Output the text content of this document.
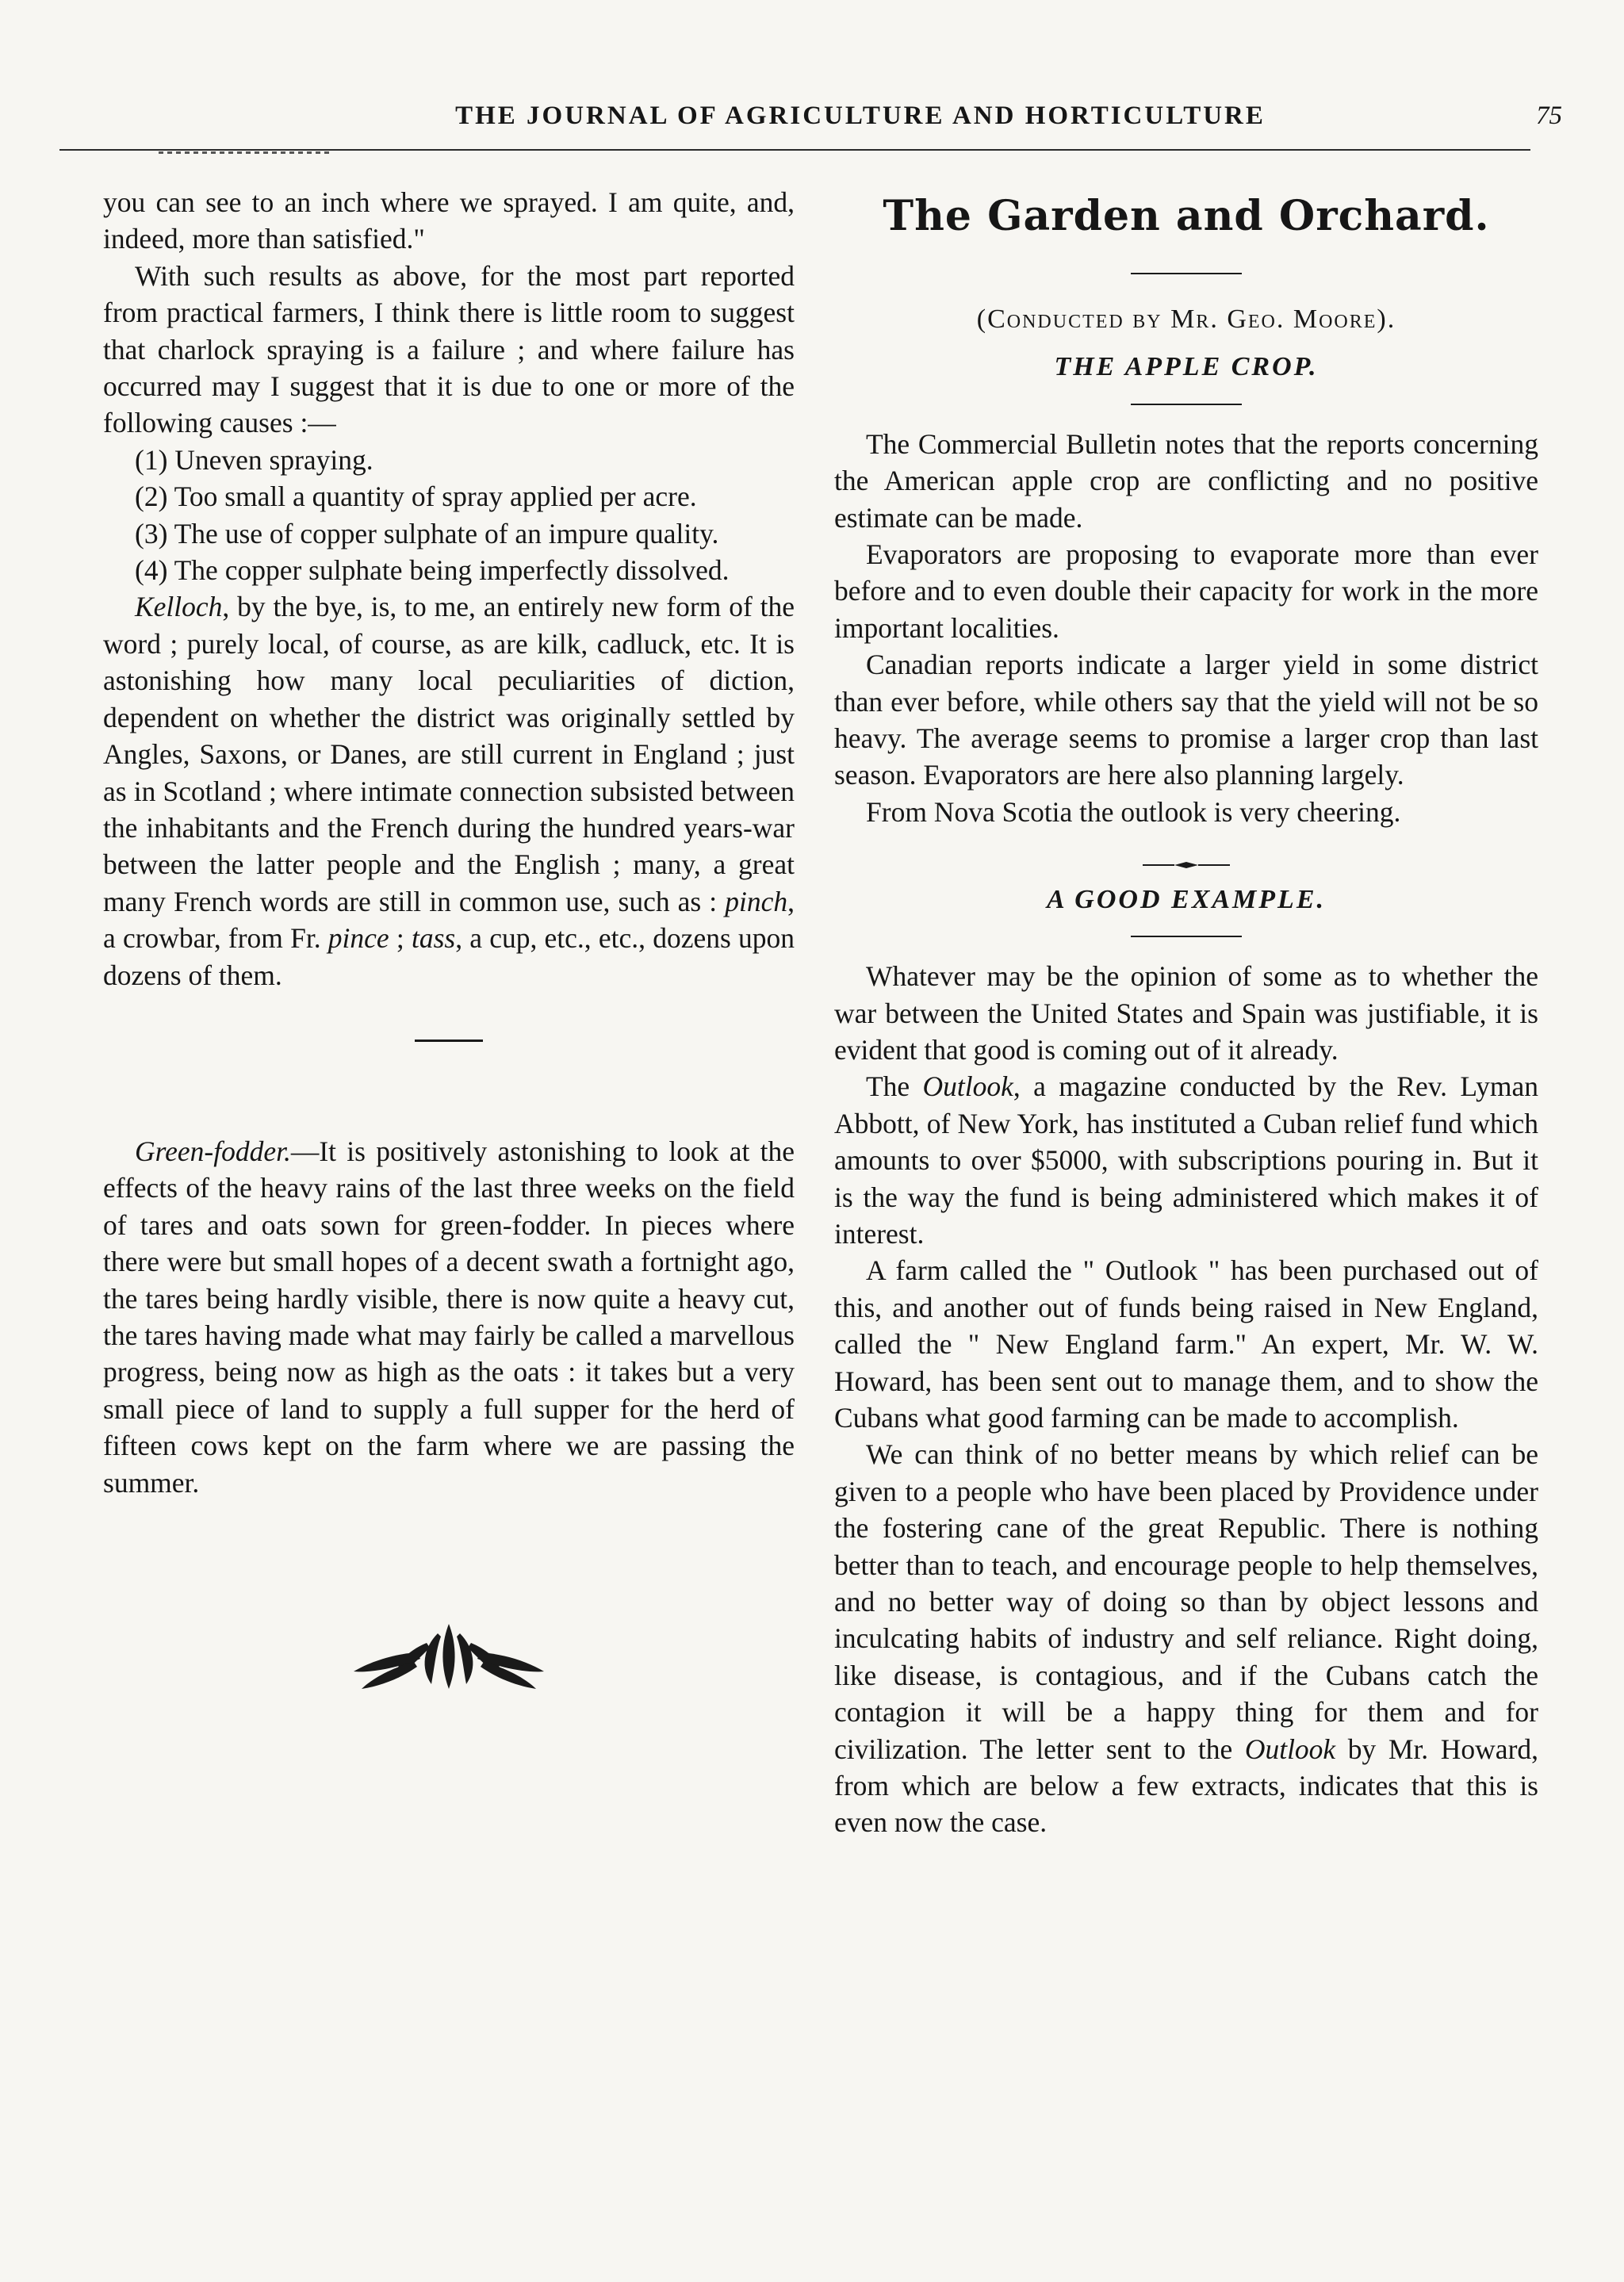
THE JOURNAL OF AGRICULTURE AND HORTICULTURE	75

you can see to an inch where we sprayed. I am quite, and, indeed, more than satisfied."

With such results as above, for the most part reported from practical farmers, I think there is little room to suggest that charlock spraying is a failure ; and where failure has occurred may I suggest that it is due to one or more of the following causes :—

(1) Uneven spraying.

(2) Too small a quantity of spray applied per acre.

(3) The use of copper sulphate of an impure quality.

(4) The copper sulphate being imperfectly dissolved.

Kelloch, by the bye, is, to me, an entirely new form of the word ; purely local, of course, as are kilk, cadluck, etc. It is astonishing how many local peculiarities of diction, dependent on whether the district was originally settled by Angles, Saxons, or Danes, are still current in England ; just as in Scotland ; where intimate connection subsisted between the inhabitants and the French during the hundred years-war between the latter people and the English ; many, a great many French words are still in common use, such as : pinch, a crowbar, from Fr. pince ; tass, a cup, etc., etc., dozens upon dozens of them.

Green-fodder.—It is positively astonishing to look at the effects of the heavy rains of the last three weeks on the field of tares and oats sown for green-fodder. In pieces where there were but small hopes of a decent swath a fortnight ago, the tares being hardly visible, there is now quite a heavy cut, the tares having made what may fairly be called a marvellous progress, being now as high as the oats : it takes but a very small piece of land to supply a full supper for the herd of fifteen cows kept on the farm where we are passing the summer.

The Garden and Orchard.

(Conducted by Mr. Geo. Moore).

THE APPLE CROP.

The Commercial Bulletin notes that the reports concerning the American apple crop are conflicting and no positive estimate can be made.

Evaporators are proposing to evaporate more than ever before and to even double their capacity for work in the more important localities.

Canadian reports indicate a larger yield in some district than ever before, while others say that the yield will not be so heavy. The average seems to promise a larger crop than last season. Evaporators are here also planning largely.

From Nova Scotia the outlook is very cheering.

A GOOD EXAMPLE.

Whatever may be the opinion of some as to whether the war between the United States and Spain was justifiable, it is evident that good is coming out of it already.

The Outlook, a magazine conducted by the Rev. Lyman Abbott, of New York, has instituted a Cuban relief fund which amounts to over $5000, with subscriptions pouring in. But it is the way the fund is being administered which makes it of interest.

A farm called the " Outlook " has been purchased out of this, and another out of funds being raised in New England, called the " New England farm." An expert, Mr. W. W. Howard, has been sent out to manage them, and to show the Cubans what good farming can be made to accomplish.

We can think of no better means by which relief can be given to a people who have been placed by Providence under the fostering cane of the great Republic. There is nothing better than to teach, and encourage people to help themselves, and no better way of doing so than by object lessons and inculcating habits of industry and self reliance. Right doing, like disease, is contagious, and if the Cubans catch the contagion it will be a happy thing for them and for civilization. The letter sent to the Outlook by Mr. Howard, from which are below a few extracts, indicates that this is even now the case.
